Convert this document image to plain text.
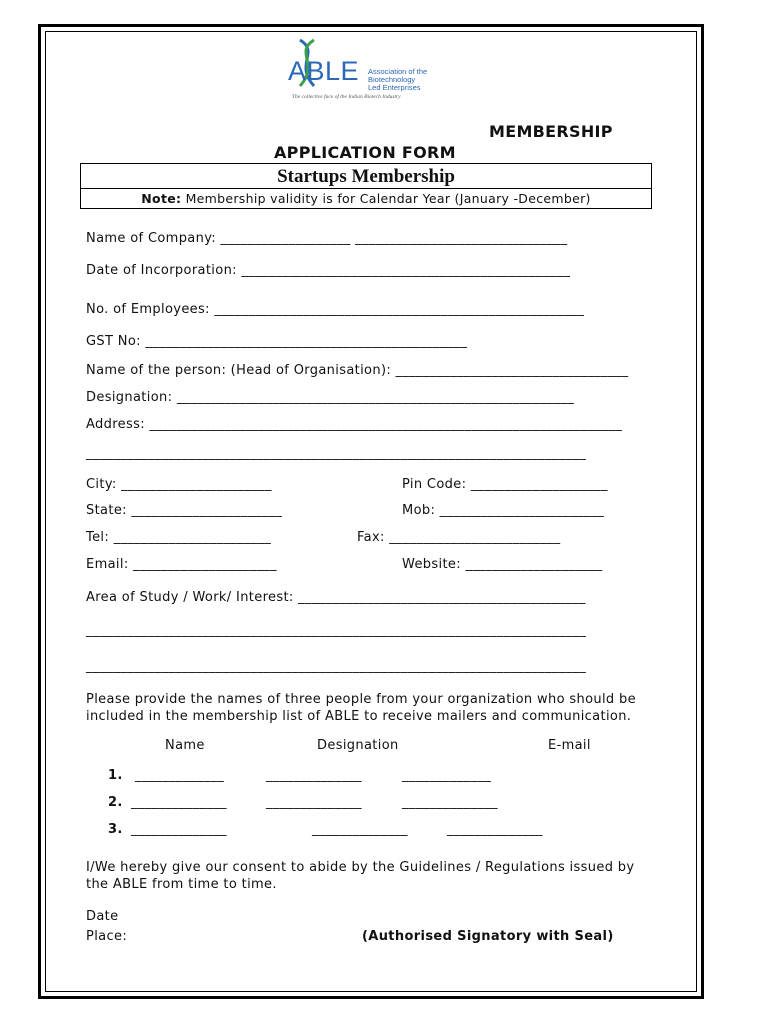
ABLE Association of the
Biotechnology
Led Enterprises
The collective face of the Indian Biotech Industry
MEMBERSHIP
APPLICATION FORM
Startups Membership
Note: Membership validity is for Calendar Year (January -December)
Name of Company: ___________________ _______________________________
Date of Incorporation: ________________________________________________
No. of Employees: ______________________________________________________
GST No: _______________________________________________
Name of the person: (Head of Organisation): __________________________________
Designation: __________________________________________________________
Address: _____________________________________________________________________
_________________________________________________________________________
City: ______________________	Pin Code: ____________________
State: ______________________	Mob: ________________________
Tel: _______________________	Fax: _________________________
Email: _____________________	Website: ____________________
Area of Study / Work/ Interest: __________________________________________
_________________________________________________________________________
_________________________________________________________________________
Please provide the names of three people from your organization who should be
included in the membership list of ABLE to receive mailers and communication.
Name	Designation	E-mail
1. _____________	______________	_____________
2. ______________	______________	______________
3. ______________	______________	______________
I/We hereby give our consent to abide by the Guidelines / Regulations issued by
the ABLE from time to time.
Date
Place:	(Authorised Signatory with Seal)
